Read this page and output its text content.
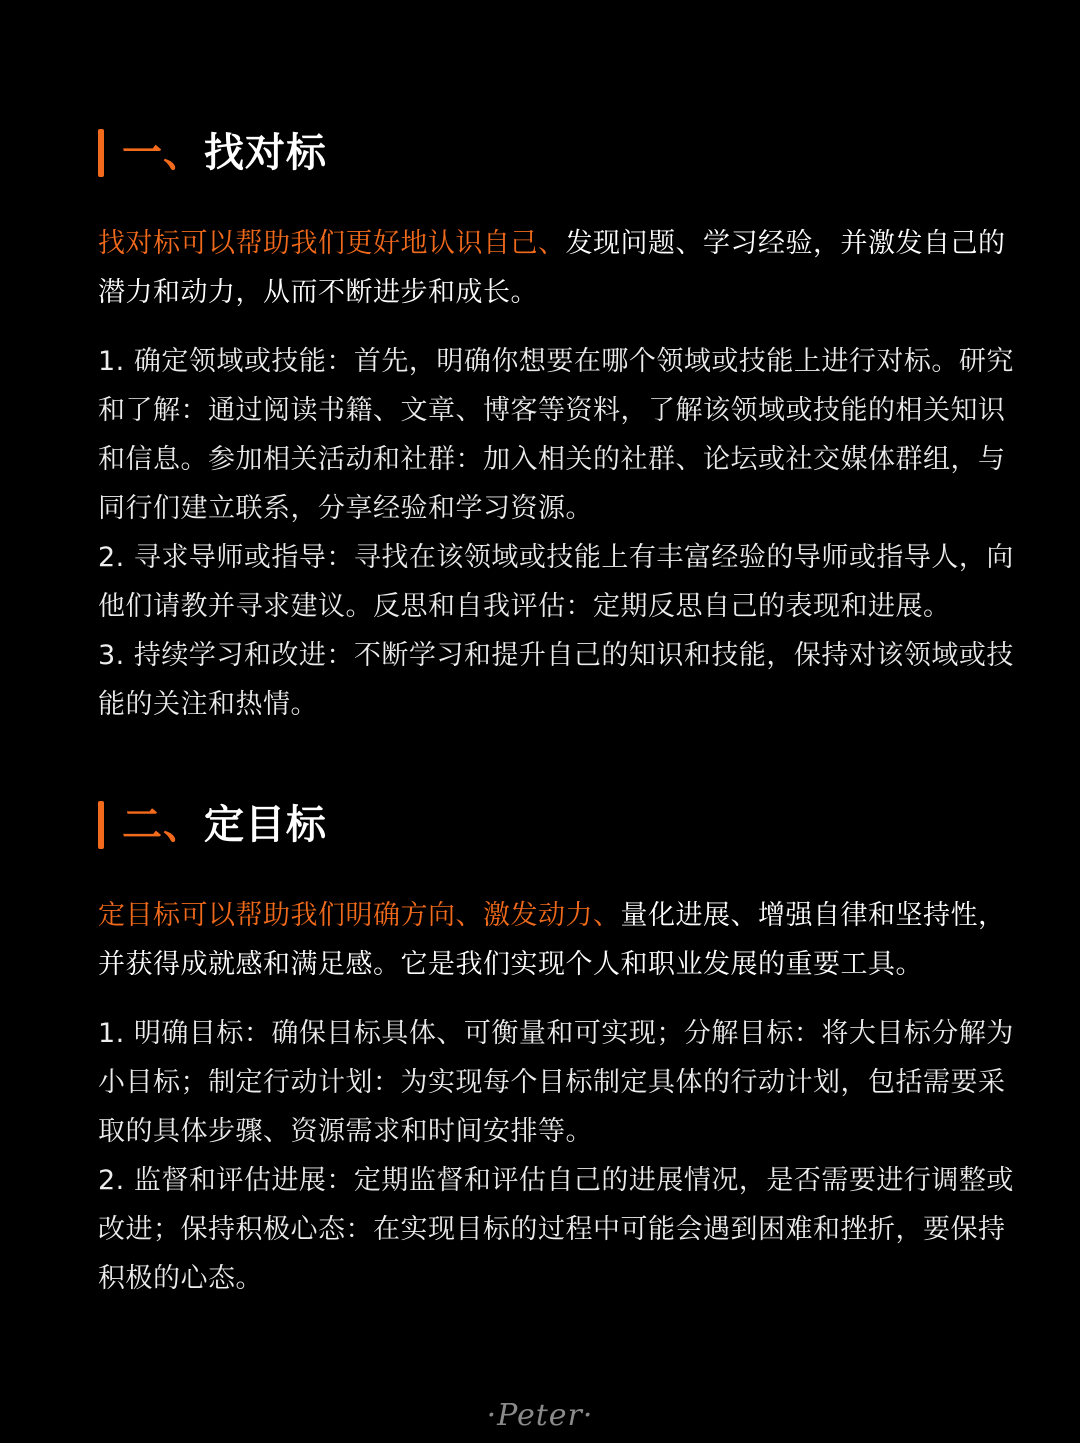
一、找对标
找对标可以帮助我们更好地认识自己、发现问题、学习经验，并激发自己的潜力和动力，从而不断进步和成长。

1. 确定领域或技能：首先，明确你想要在哪个领域或技能上进行对标。研究和了解：通过阅读书籍、文章、博客等资料，了解该领域或技能的相关知识和信息。参加相关活动和社群：加入相关的社群、论坛或社交媒体群组，与同行们建立联系，分享经验和学习资源。

2. 寻求导师或指导：寻找在该领域或技能上有丰富经验的导师或指导人，向他们请教并寻求建议。反思和自我评估：定期反思自己的表现和进展。

3. 持续学习和改进：不断学习和提升自己的知识和技能，保持对该领域或技能的关注和热情。

二、定目标
定目标可以帮助我们明确方向、激发动力、量化进展、增强自律和坚持性，并获得成就感和满足感。它是我们实现个人和职业发展的重要工具。

1. 明确目标：确保目标具体、可衡量和可实现；分解目标：将大目标分解为小目标；制定行动计划：为实现每个目标制定具体的行动计划，包括需要采取的具体步骤、资源需求和时间安排等。

2. 监督和评估进展：定期监督和评估自己的进展情况，是否需要进行调整或改进；保持积极心态：在实现目标的过程中可能会遇到困难和挫折，要保持积极的心态。

·Peter·
